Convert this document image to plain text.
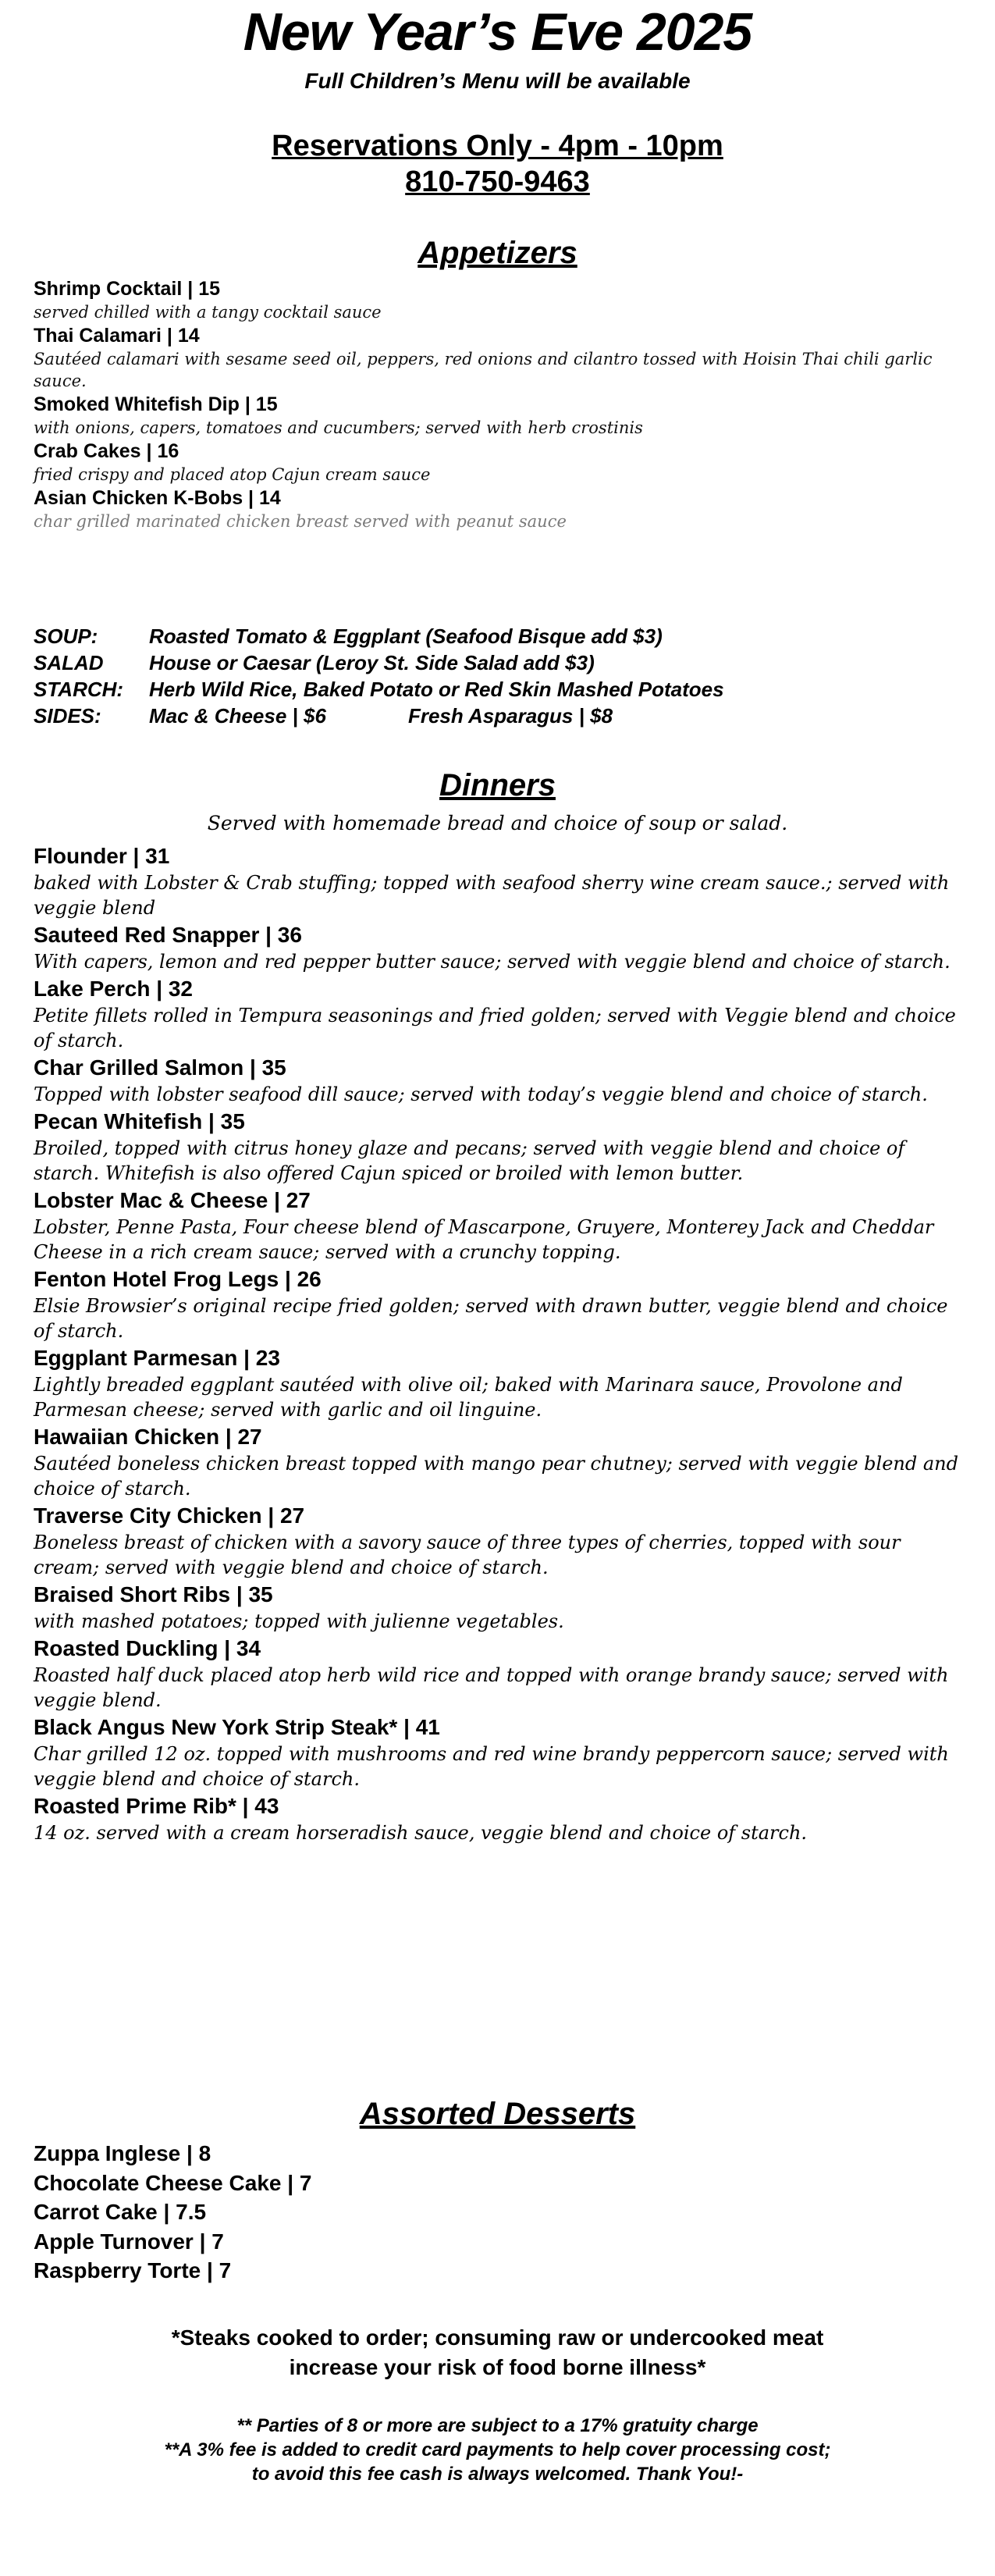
New Year’s Eve 2025
Full Children’s Menu will be available
Reservations Only - 4pm - 10pm
810-750-9463
Appetizers
Shrimp Cocktail | 15
served chilled with a tangy cocktail sauce
Thai Calamari | 14
Sautéed calamari with sesame seed oil, peppers, red onions and cilantro tossed with Hoisin Thai chili garlic sauce.
Smoked Whitefish Dip | 15
with onions, capers, tomatoes and cucumbers; served with herb crostinis
Crab Cakes | 16
fried crispy and placed atop Cajun cream sauce
Asian Chicken K-Bobs | 14
char grilled marinated chicken breast served with peanut sauce
SOUP:	Roasted Tomato & Eggplant (Seafood Bisque add $3)
SALAD	House or Caesar (Leroy St. Side Salad add $3)
STARCH:	Herb Wild Rice, Baked Potato or Red Skin Mashed Potatoes
SIDES:	Mac & Cheese | $6	Fresh Asparagus | $8
Dinners
Served with homemade bread and choice of soup or salad.
Flounder | 31
baked with Lobster & Crab stuffing; topped with seafood sherry wine cream sauce.; served with veggie blend
Sauteed Red Snapper | 36
With capers, lemon and red pepper butter sauce; served with veggie blend and choice of starch.
Lake Perch | 32
Petite fillets rolled in Tempura seasonings and fried golden; served with Veggie blend and choice of starch.
Char Grilled Salmon | 35
Topped with lobster seafood dill sauce; served with today’s veggie blend and choice of starch.
Pecan Whitefish | 35
Broiled, topped with citrus honey glaze and pecans; served with veggie blend and choice of starch. Whitefish is also offered Cajun spiced or broiled with lemon butter.
Lobster Mac & Cheese | 27
Lobster, Penne Pasta, Four cheese blend of Mascarpone, Gruyere, Monterey Jack and Cheddar Cheese in a rich cream sauce; served with a crunchy topping.
Fenton Hotel Frog Legs | 26
Elsie Browsier’s original recipe fried golden; served with drawn butter, veggie blend and choice of starch.
Eggplant Parmesan | 23
Lightly breaded eggplant sautéed with olive oil; baked with Marinara sauce, Provolone and Parmesan cheese; served with garlic and oil linguine.
Hawaiian Chicken | 27
Sautéed boneless chicken breast topped with mango pear chutney; served with veggie blend and choice of starch.
Traverse City Chicken | 27
Boneless breast of chicken with a savory sauce of three types of cherries, topped with sour cream; served with veggie blend and choice of starch.
Braised Short Ribs | 35
with mashed potatoes; topped with julienne vegetables.
Roasted Duckling | 34
Roasted half duck placed atop herb wild rice and topped with orange brandy sauce; served with veggie blend.
Black Angus New York Strip Steak* | 41
Char grilled 12 oz. topped with mushrooms and red wine brandy peppercorn sauce; served with veggie blend and choice of starch.
Roasted Prime Rib* | 43
14 oz. served with a cream horseradish sauce, veggie blend and choice of starch.
Assorted Desserts
Zuppa Inglese | 8
Chocolate Cheese Cake | 7
Carrot Cake | 7.5
Apple Turnover | 7
Raspberry Torte | 7
*Steaks cooked to order; consuming raw or undercooked meat
increase your risk of food borne illness*
** Parties of 8 or more are subject to a 17% gratuity charge
**A 3% fee is added to credit card payments to help cover processing cost;
to avoid this fee cash is always welcomed. Thank You!-
